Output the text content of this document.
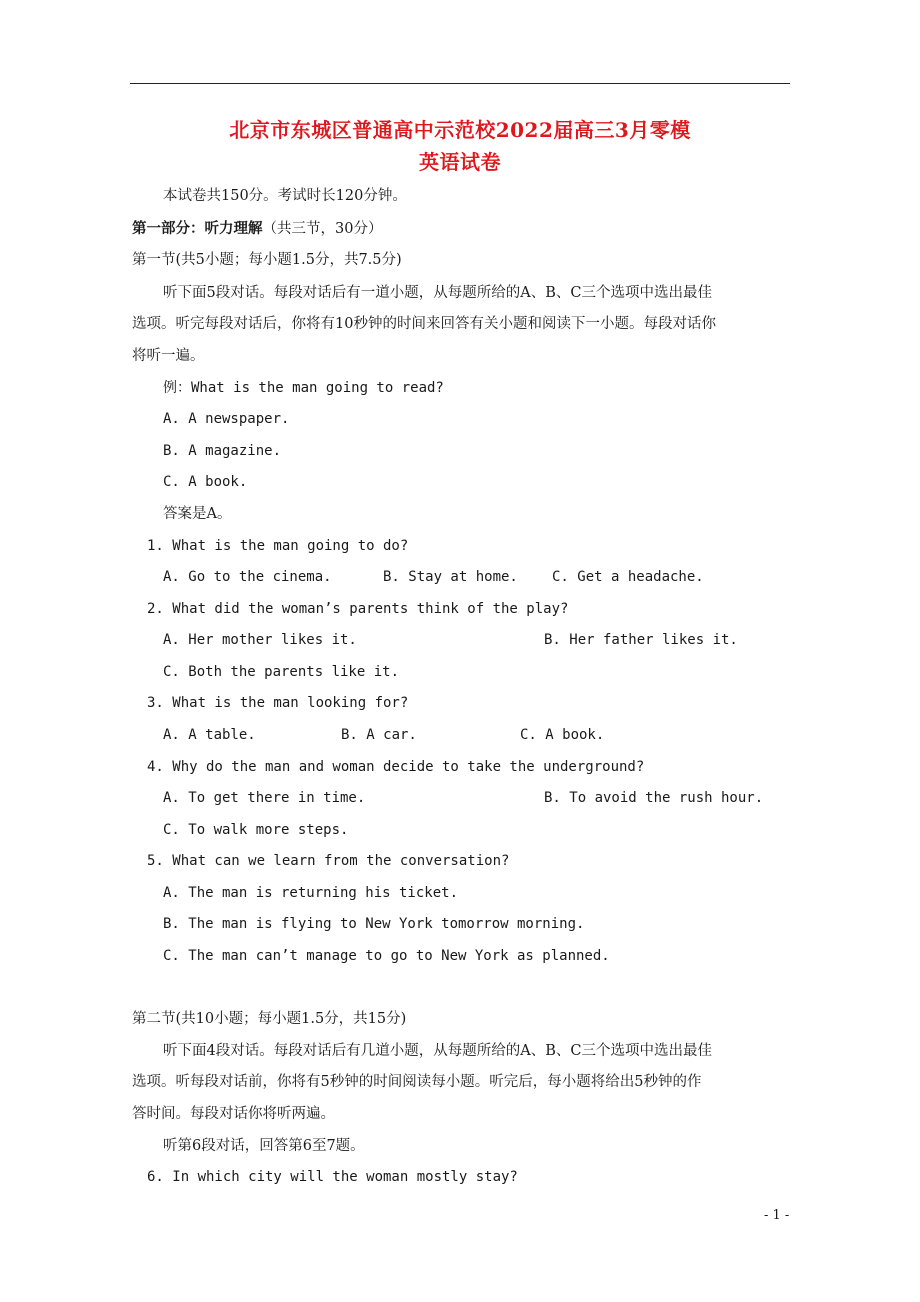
北京市东城区普通高中示范校2022届高三3月零模
英语试卷
本试卷共150分。考试时长120分钟。
第一部分：听力理解（共三节，30分）
第一节(共5小题；每小题1.5分，共7.5分)
听下面5段对话。每段对话后有一道小题，从每题所给的A、B、C三个选项中选出最佳
选项。听完每段对话后，你将有10秒钟的时间来回答有关小题和阅读下一小题。每段对话你
将听一遍。
例：What is the man going to read?
A. A newspaper.
B. A magazine.
C. A book.
答案是A。
1. What is the man going to do?
A. Go to the cinema.	B. Stay at home. C. Get a headache.
2. What did the woman’s parents think of the play?
A. Her mother likes it.	B. Her father likes it.
C. Both the parents like it.
3. What is the man looking for?
A. A table.	B. A car.	C. A book.
4. Why do the man and woman decide to take the underground?
A. To get there in time.	B. To avoid the rush hour.
C. To walk more steps.
5. What can we learn from the conversation?
A. The man is returning his ticket.
B. The man is flying to New York tomorrow morning.
C. The man can’t manage to go to New York as planned.
第二节(共10小题；每小题1.5分，共15分)
听下面4段对话。每段对话后有几道小题，从每题所给的A、B、C三个选项中选出最佳
选项。听每段对话前，你将有5秒钟的时间阅读每小题。听完后，每小题将给出5秒钟的作
答时间。每段对话你将听两遍。
听第6段对话，回答第6至7题。
6. In which city will the woman mostly stay?
- 1 -
